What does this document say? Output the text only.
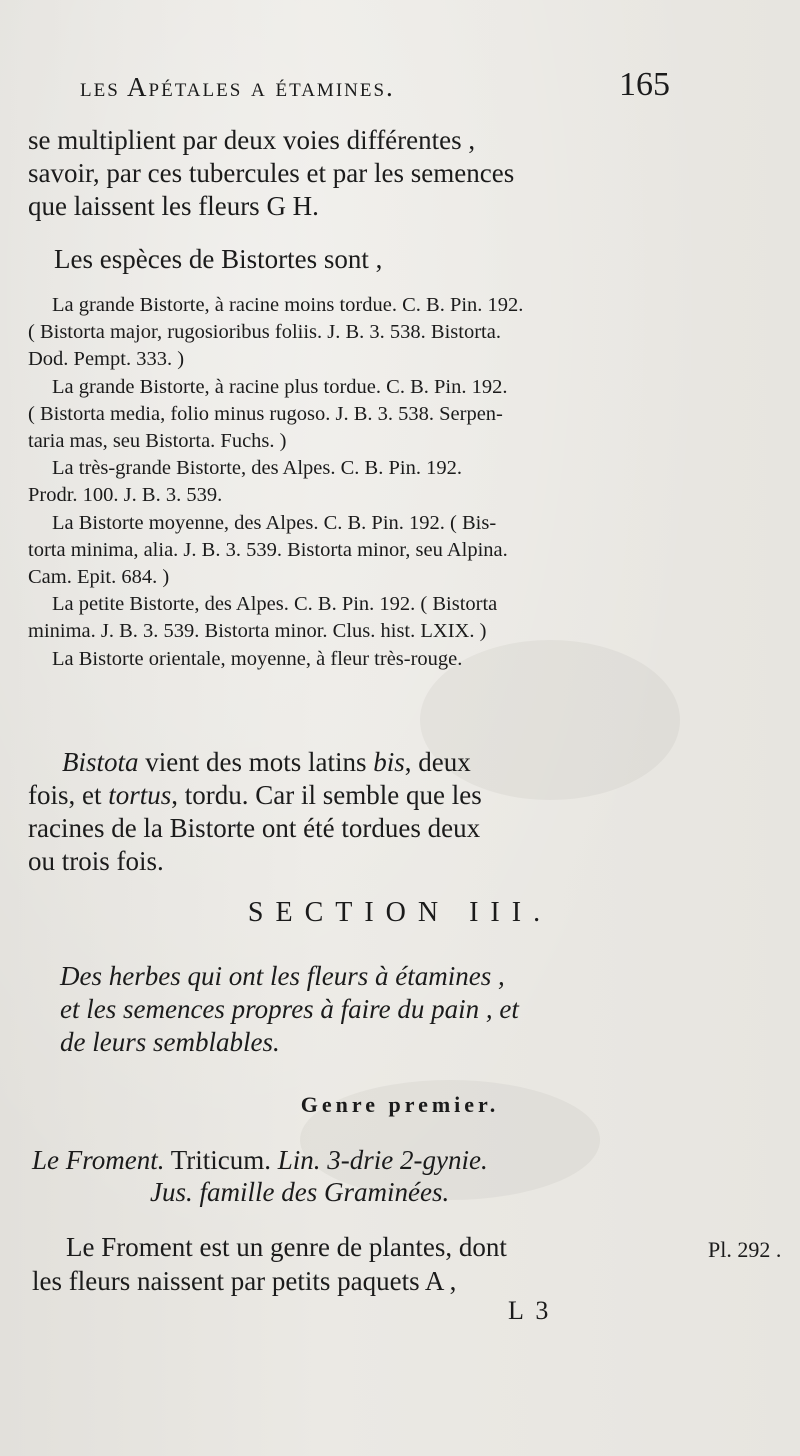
les Apétales a étamines.	165
se multiplient par deux voies différentes ,
savoir, par ces tubercules et par les semences
que laissent les fleurs G H.
Les espèces de Bistortes sont ,
La grande Bistorte, à racine moins tordue. C. B. Pin. 192.
( Bistorta major, rugosioribus foliis. J. B. 3. 538. Bistorta.
Dod. Pempt. 333. )
La grande Bistorte, à racine plus tordue. C. B. Pin. 192.
( Bistorta media, folio minus rugoso. J. B. 3. 538. Serpen-
taria mas, seu Bistorta. Fuchs. )
La très-grande Bistorte, des Alpes. C. B. Pin. 192.
Prodr. 100. J. B. 3. 539.
La Bistorte moyenne, des Alpes. C. B. Pin. 192. ( Bis-
torta minima, alia. J. B. 3. 539. Bistorta minor, seu Alpina.
Cam. Epit. 684. )
La petite Bistorte, des Alpes. C. B. Pin. 192. ( Bistorta
minima. J. B. 3. 539. Bistorta minor. Clus. hist. LXIX. )
La Bistorte orientale, moyenne, à fleur très-rouge.
Bistota vient des mots latins bis, deux
fois, et tortus, tordu. Car il semble que les
racines de la Bistorte ont été tordues deux
ou trois fois.
SECTION III.
Des herbes qui ont les fleurs à étamines ,
et les semences propres à faire du pain , et
de leurs semblables.
Genre premier.
Le Froment. Triticum. Lin. 3-drie 2-gynie.
Jus. famille des Graminées.
Le Froment est un genre de plantes, dont
les fleurs naissent par petits paquets A ,
Pl. 292 .
L 3
